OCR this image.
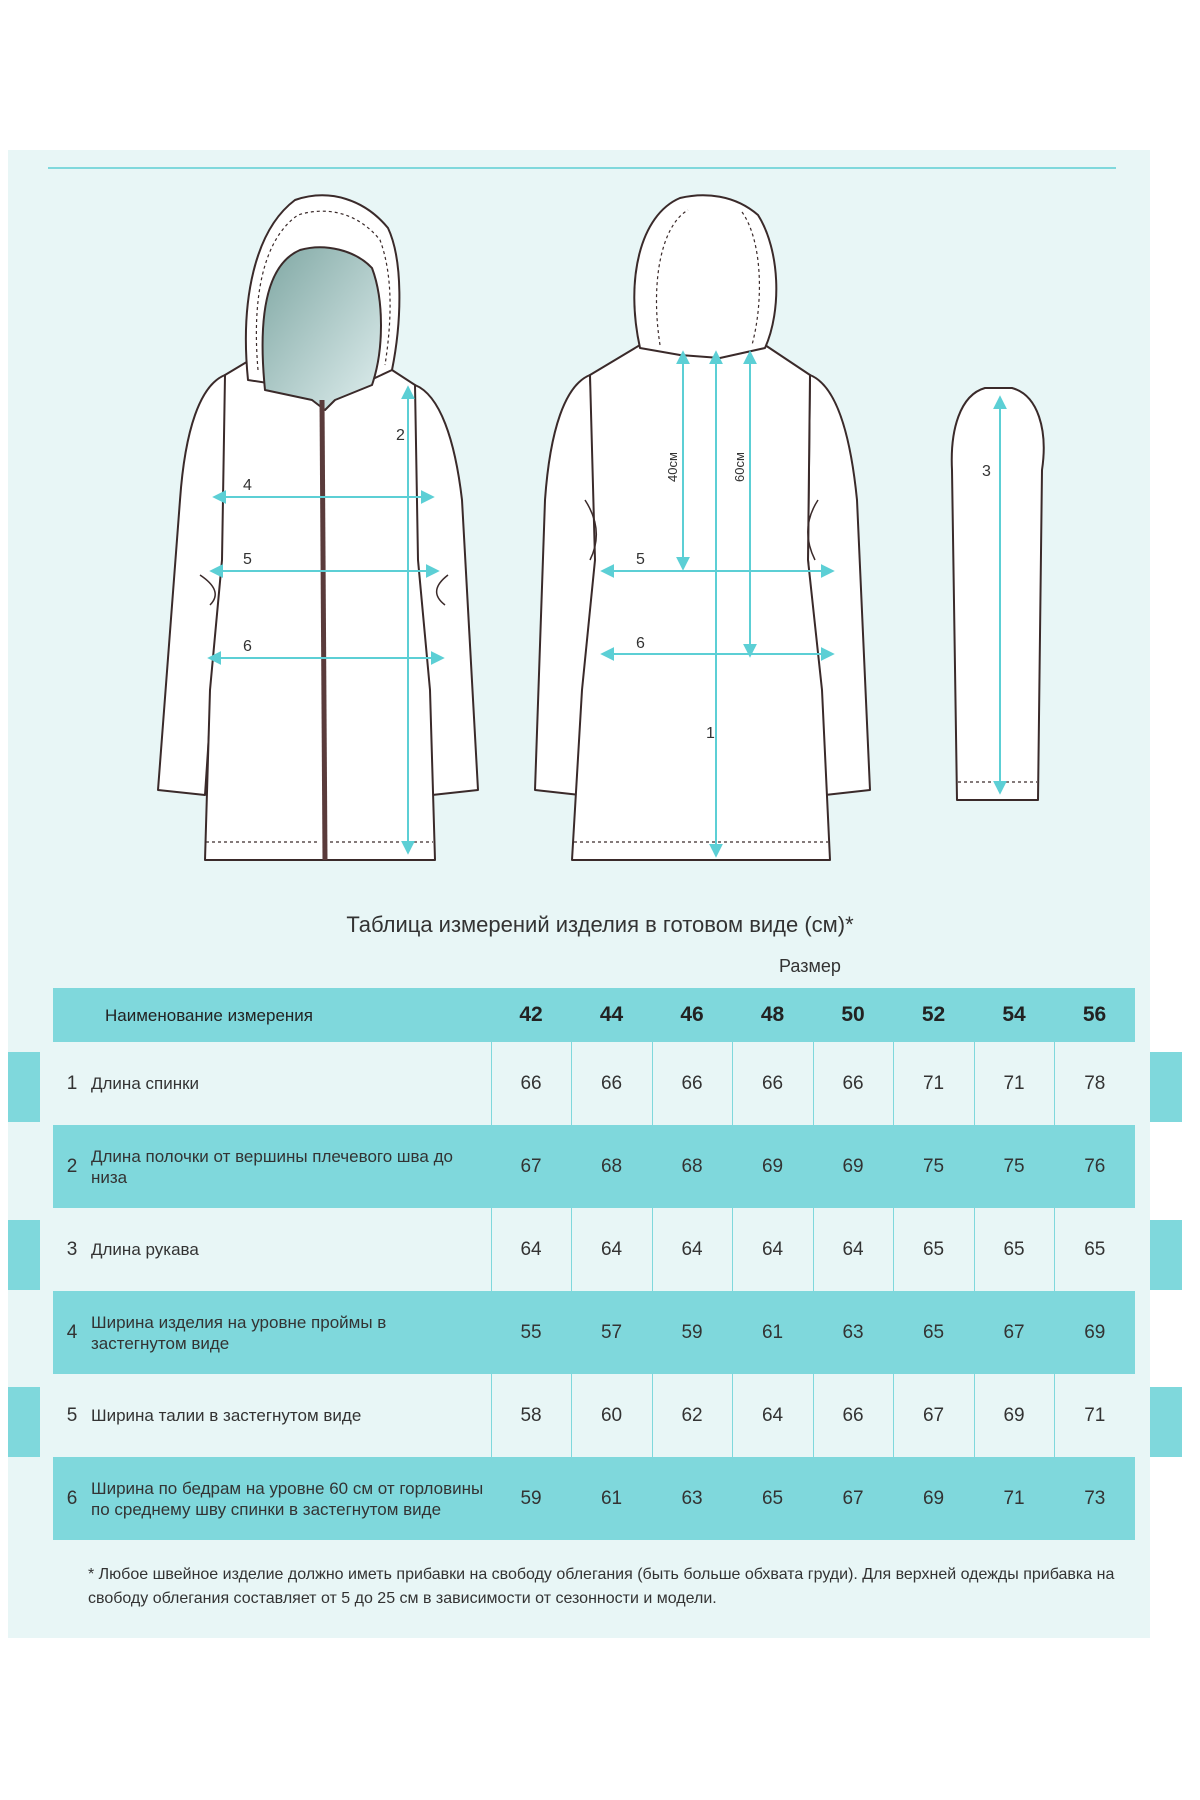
2
4
5
6
40см	60см
5
6
1
3
Таблица измерений изделия в готовом виде (см)*
Размер
Наименование измерения		42	44	46	48	50	52	54	56
1	Длина спинки	66	66	66	66	66	71	71	78
2	Длина полочки от вершины плечевого шва до низа	67	68	68	69	69	75	75	76
3	Длина рукава	64	64	64	64	64	65	65	65
4	Ширина изделия на уровне проймы в застегнутом виде	55	57	59	61	63	65	67	69
5	Ширина талии в застегнутом виде	58	60	62	64	66	67	69	71
6	Ширина по бедрам на уровне 60 см от горловины по среднему шву спинки в застегнутом виде	59	61	63	65	67	69	71	73
* Любое швейное изделие должно иметь прибавки на свободу облегания (быть больше обхвата груди). Для верхней одежды прибавка на свободу облегания составляет от 5 до 25 см в зависимости от сезонности и модели.
